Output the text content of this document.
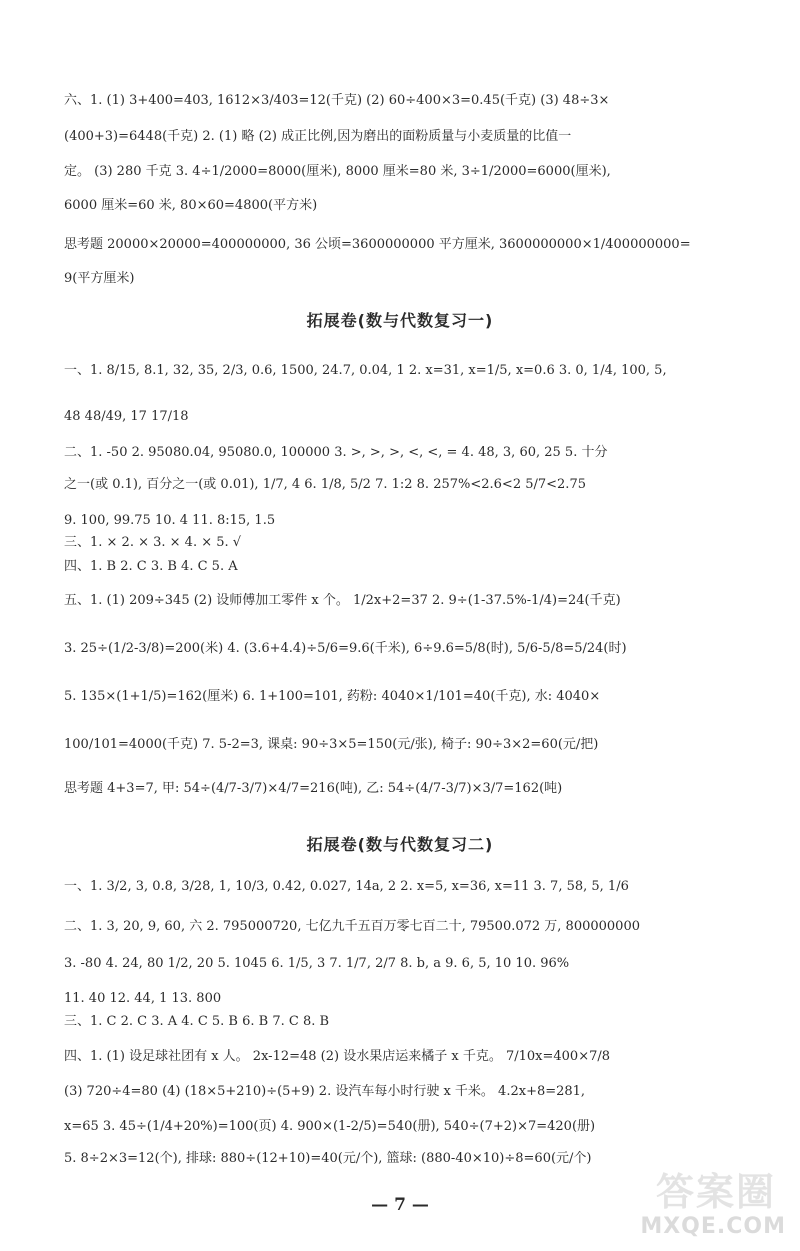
六、1. (1) 3+400=403, 1612×3/403=12(千克) (2) 60÷400×3=0.45(千克) (3) 48÷3×
(400+3)=6448(千克) 2. (1) 略 (2) 成正比例,因为磨出的面粉质量与小麦质量的比值一
定。 (3) 280 千克 3. 4÷1/2000=8000(厘米), 8000 厘米=80 米, 3÷1/2000=6000(厘米),
6000 厘米=60 米, 80×60=4800(平方米)
思考题 20000×20000=400000000, 36 公顷=3600000000 平方厘米, 3600000000×1/400000000=
9(平方厘米)
拓展卷(数与代数复习一)
一、1. 8/15, 8.1, 32, 35, 2/3, 0.6, 1500, 24.7, 0.04, 1 2. x=31, x=1/5, x=0.6 3. 0, 1/4, 100, 5,
48 48/49, 17 17/18
二、1. -50 2. 95080.04, 95080.0, 100000 3. >, >, >, <, <, = 4. 48, 3, 60, 25 5. 十分
之一(或 0.1), 百分之一(或 0.01), 1/7, 4 6. 1/8, 5/2 7. 1:2 8. 257%<2.6<2 5/7<2.75
9. 100, 99.75 10. 4 11. 8:15, 1.5
三、1. × 2. × 3. × 4. × 5. √
四、1. B 2. C 3. B 4. C 5. A
五、1. (1) 209÷345 (2) 设师傅加工零件 x 个。 1/2x+2=37 2. 9÷(1-37.5%-1/4)=24(千克)
3. 25÷(1/2-3/8)=200(米) 4. (3.6+4.4)÷5/6=9.6(千米), 6÷9.6=5/8(时), 5/6-5/8=5/24(时)
5. 135×(1+1/5)=162(厘米) 6. 1+100=101, 药粉: 4040×1/101=40(千克), 水: 4040×
100/101=4000(千克) 7. 5-2=3, 课桌: 90÷3×5=150(元/张), 椅子: 90÷3×2=60(元/把)
思考题 4+3=7, 甲: 54÷(4/7-3/7)×4/7=216(吨), 乙: 54÷(4/7-3/7)×3/7=162(吨)
拓展卷(数与代数复习二)
一、1. 3/2, 3, 0.8, 3/28, 1, 10/3, 0.42, 0.027, 14a, 2 2. x=5, x=36, x=11 3. 7, 58, 5, 1/6
二、1. 3, 20, 9, 60, 六 2. 795000720, 七亿九千五百万零七百二十, 79500.072 万, 800000000
3. -80 4. 24, 80 1/2, 20 5. 1045 6. 1/5, 3 7. 1/7, 2/7 8. b, a 9. 6, 5, 10 10. 96%
11. 40 12. 44, 1 13. 800
三、1. C 2. C 3. A 4. C 5. B 6. B 7. C 8. B
四、1. (1) 设足球社团有 x 人。 2x-12=48 (2) 设水果店运来橘子 x 千克。 7/10x=400×7/8
(3) 720÷4=80 (4) (18×5+210)÷(5+9) 2. 设汽车每小时行驶 x 千米。 4.2x+8=281,
x=65 3. 45÷(1/4+20%)=100(页) 4. 900×(1-2/5)=540(册), 540÷(7+2)×7=420(册)
5. 8÷2×3=12(个), 排球: 880÷(12+10)=40(元/个), 篮球: (880-40×10)÷8=60(元/个)
— 7 —	答案圈
MXQE.COM
